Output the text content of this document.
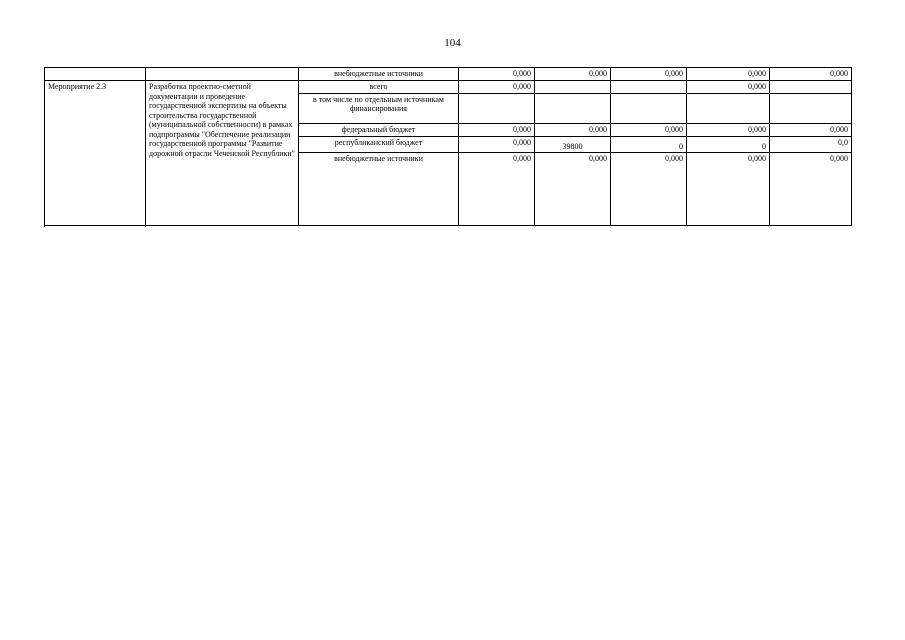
104
		внебюджетные источники	0,000	0,000	0,000	0,000	0,000
Мероприятие 2.3	Разработка проектно-сметной документации и проведение государственной экспертизы на объекты строительства государственной (муниципальной собственности) в рамках подпрограммы "Обеспечение реализации государственной программы "Развитие дорожной отрасли Чеченской Республики"	всего	0,000			0,000	
		в том числе по отдельным источникам финансирования					
		федеральный бюджет	0,000	0,000	0,000	0,000	0,000
		республиканский бюджет	0,000	39800	0	0	0,0
		внебюджетные источники	0,000	0,000	0,000	0,000	0,000
